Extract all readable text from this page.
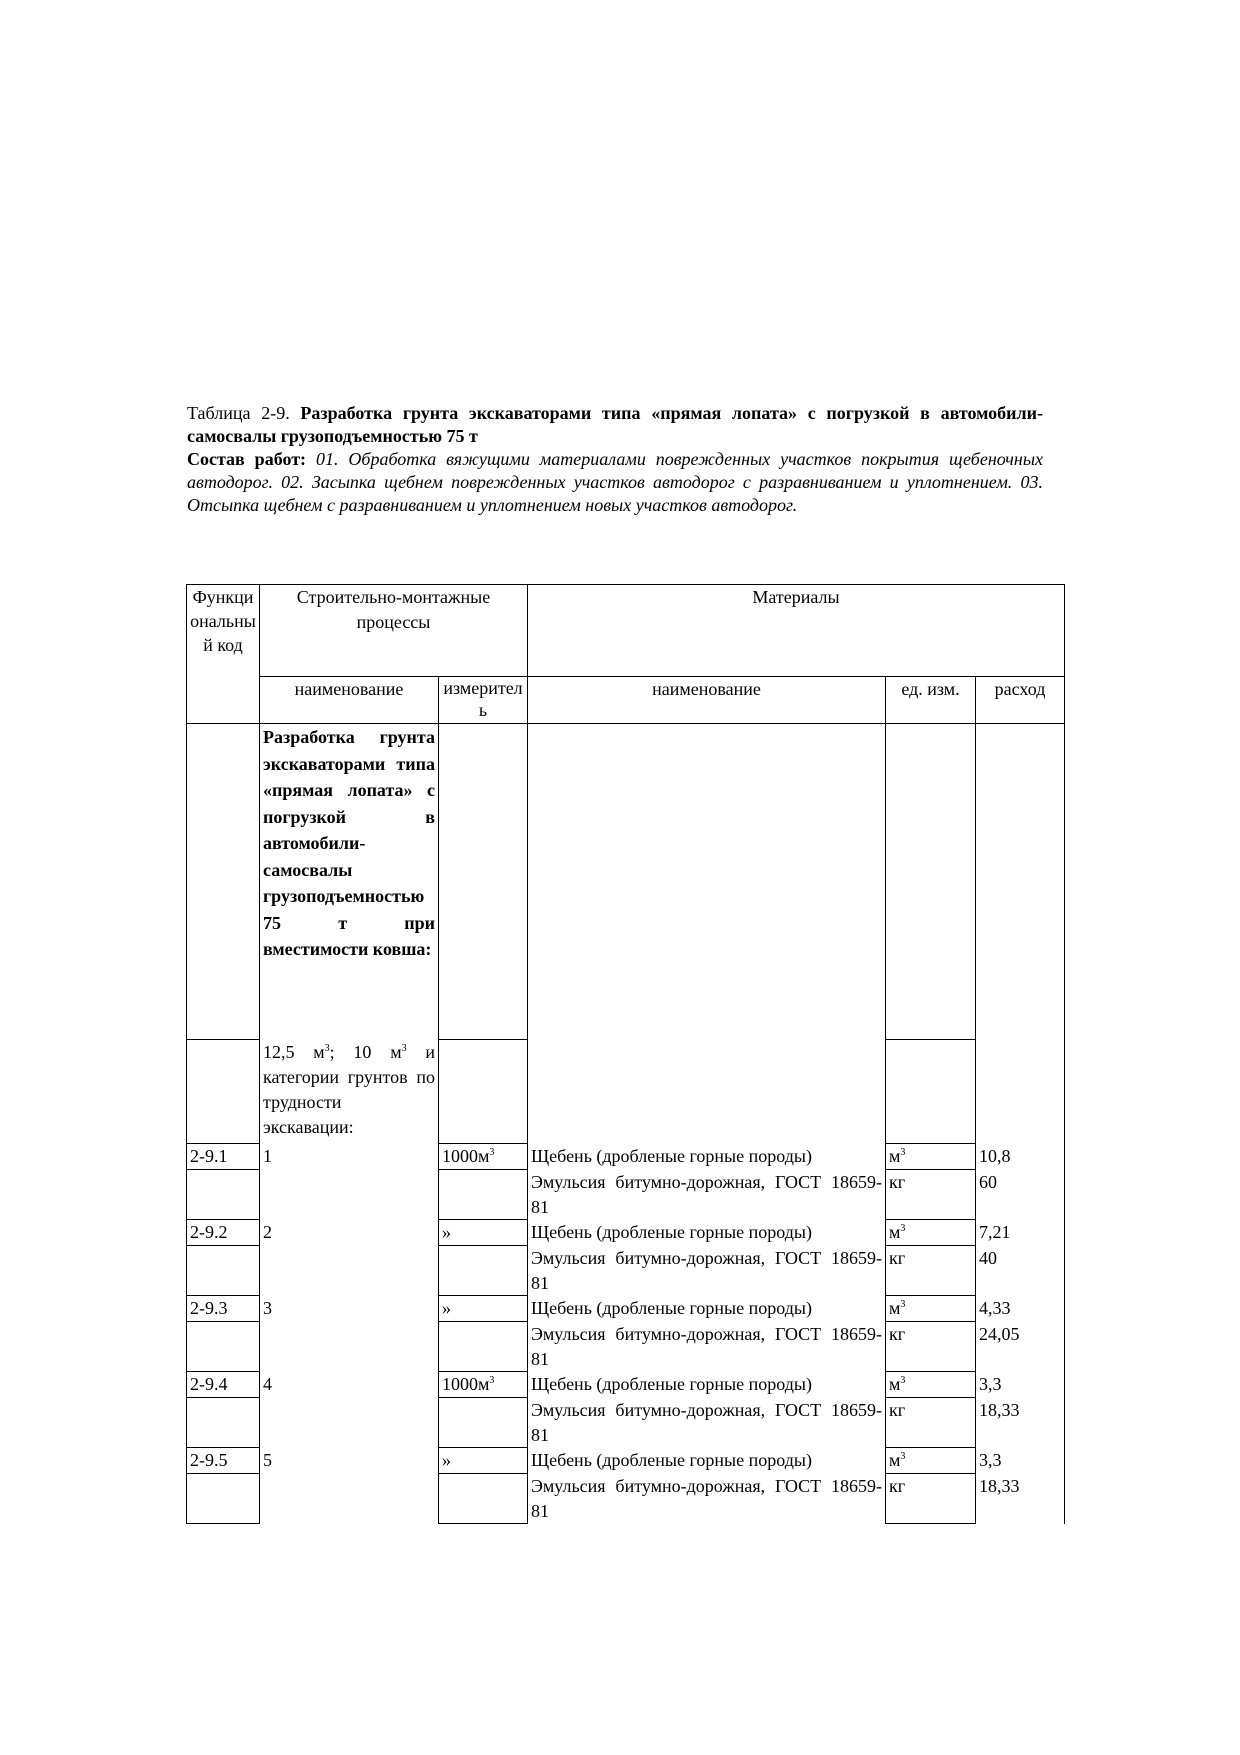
Таблица 2-9. Разработка грунта экскаваторами типа «прямая лопата» с погрузкой в автомобили-самосвалы грузоподъемностью 75 т
Состав работ: 01. Обработка вяжущими материалами поврежденных участков покрытия щебеночных автодорог. 02. Засыпка щебнем поврежденных участков автодорог с разравниванием и уплотнением. 03. Отсыпка щебнем с разравниванием и уплотнением новых участков автодорог.
Функциональный код	Строительно-монтажные процессы		Материалы		
	наименование	измеритель	наименование	ед. изм.	расход
	Разработка грунта экскаваторами типа «прямая лопата» с погрузкой в автомобили-самосвалы грузоподъемностью 75 т при вместимости ковша:				
	12,5 $м^3$; 10 $м^3$ и категории грунтов по трудности экскавации:				
2-9.1	1	$1000м^3$	Щебень (дробленые горные породы)	$м^3$	10,8
			Эмульсия битумно-дорожная, ГОСТ 18659-81	кг	60
2-9.2	2	»	Щебень (дробленые горные породы)	$м^3$	7,21
			Эмульсия битумно-дорожная, ГОСТ 18659-81	кг	40
2-9.3	3	»	Щебень (дробленые горные породы)	$м^3$	4,33
			Эмульсия битумно-дорожная, ГОСТ 18659-81	кг	24,05
2-9.4	4	$1000м^3$	Щебень (дробленые горные породы)	$м^3$	3,3
			Эмульсия битумно-дорожная, ГОСТ 18659-81	кг	18,33
2-9.5	5	»	Щебень (дробленые горные породы)	$м^3$	3,3
			Эмульсия битумно-дорожная, ГОСТ 18659-81	кг	18,33
